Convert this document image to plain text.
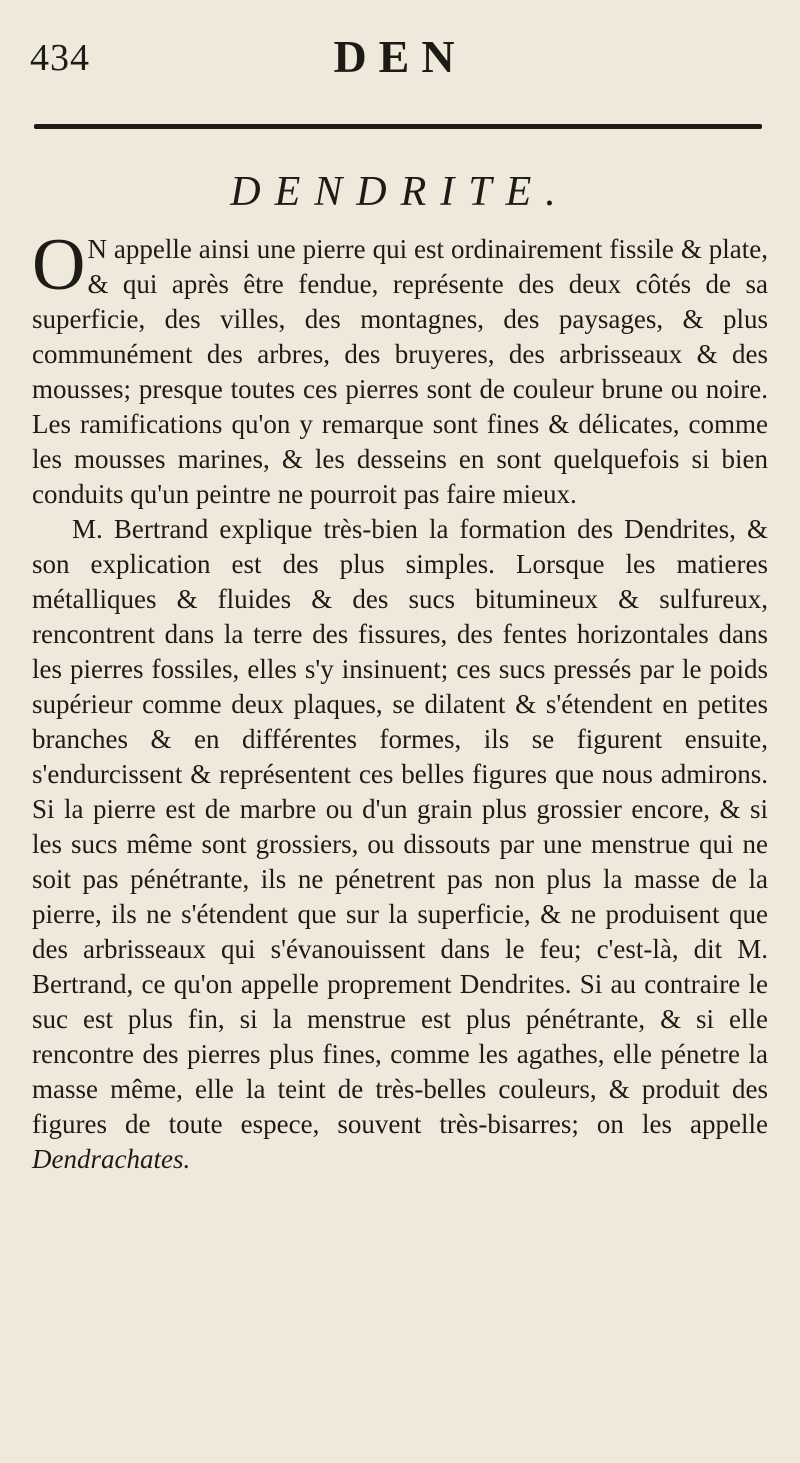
434	DEN
DENDRITE.

O N appelle ainsi une pierre qui est ordinairement fissile & plate, & qui après être fendue, représente des deux côtés de sa superficie, des villes, des montagnes, des paysages, & plus communément des arbres, des bruyeres, des arbrisseaux & des mousses; presque toutes ces pierres sont de couleur brune ou noire. Les ramifications qu'on y remarque sont fines & délicates, comme les mousses marines, & les desseins en sont quelquefois si bien conduits qu'un peintre ne pourroit pas faire mieux.

M. Bertrand explique très-bien la formation des Dendrites, & son explication est des plus simples. Lorsque les matieres métalliques & fluides & des sucs bitumineux & sulfureux, rencontrent dans la terre des fissures, des fentes horizontales dans les pierres fossiles, elles s'y insinuent; ces sucs pressés par le poids supérieur comme deux plaques, se dilatent & s'étendent en petites branches & en différentes formes, ils se figurent ensuite, s'endurcissent & représentent ces belles figures que nous admirons. Si la pierre est de marbre ou d'un grain plus grossier encore, & si les sucs même sont grossiers, ou dissouts par une menstrue qui ne soit pas pénétrante, ils ne pénetrent pas non plus la masse de la pierre, ils ne s'étendent que sur la superficie, & ne produisent que des arbrisseaux qui s'évanouissent dans le feu; c'est-là, dit M. Bertrand, ce qu'on appelle proprement Dendrites. Si au contraire le suc est plus fin, si la menstrue est plus pénétrante, & si elle rencontre des pierres plus fines, comme les agathes, elle pénetre la masse même, elle la teint de très-belles couleurs, & produit des figures de toute espece, souvent très-bisarres; on les appelle Dendrachates.
